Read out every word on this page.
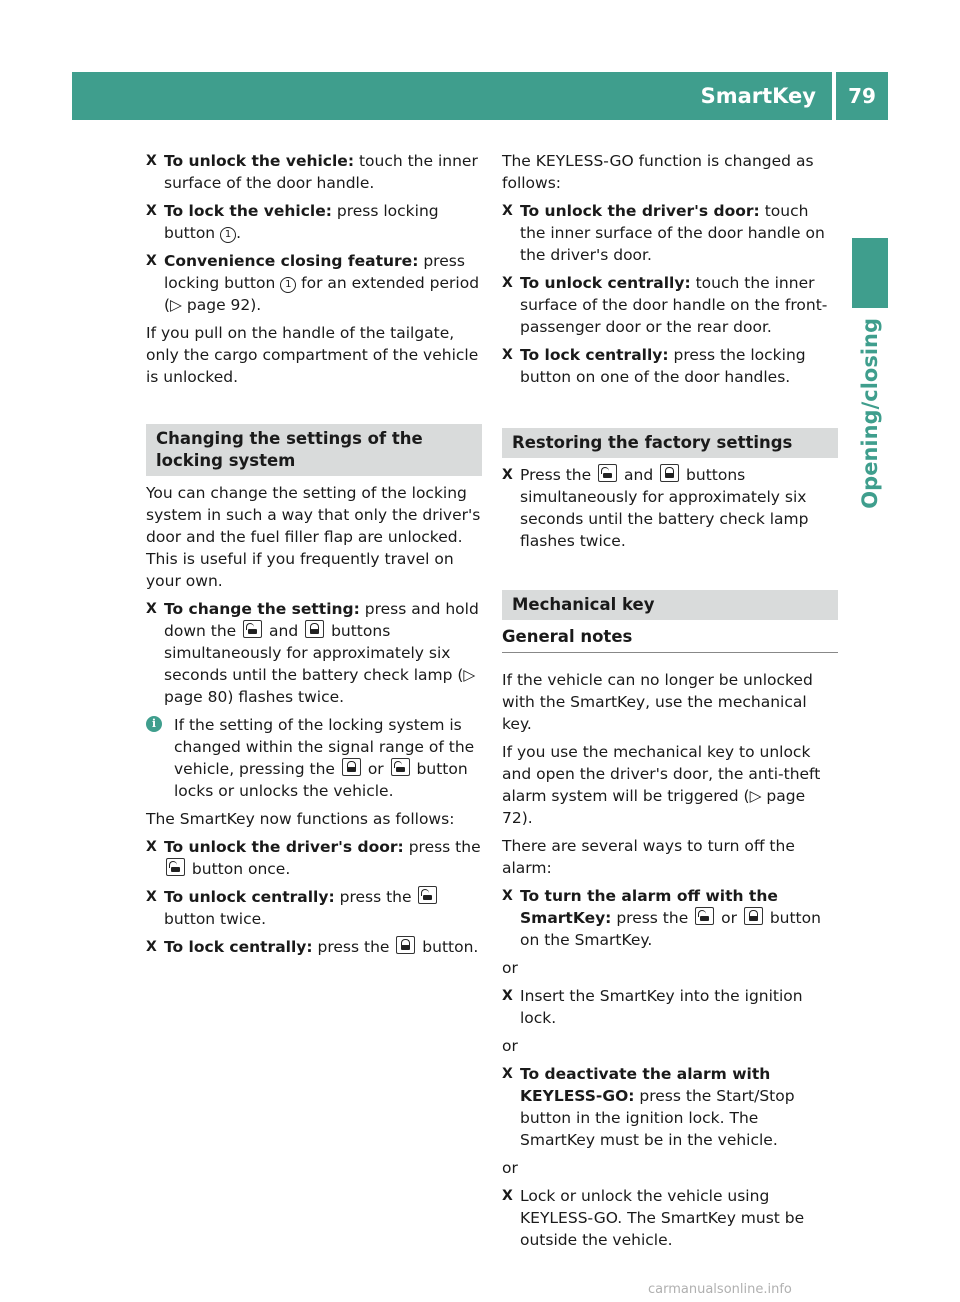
SmartKey	79
Opening/closing
X To unlock the vehicle: touch the inner surface of the door handle.
X To lock the vehicle: press locking button 1 .
X Convenience closing feature: press locking button 1 for an extended period (▷ page 92).

If you pull on the handle of the tailgate, only the cargo compartment of the vehicle is unlocked.

Changing the settings of the locking system

You can change the setting of the locking system in such a way that only the driver's door and the fuel filler flap are unlocked. This is useful if you frequently travel on your own.

X To change the setting: press and hold down the  and  buttons simultaneously for approximately six seconds until the battery check lamp (▷ page 80) flashes twice.
i	If the setting of the locking system is changed within the signal range of the vehicle, pressing the  or  button locks or unlocks the vehicle.

The SmartKey now functions as follows:

X To unlock the driver's door: press the
button once.
X To unlock centrally: press the
button twice.
X To lock centrally: press the  button.

The KEYLESS-GO function is changed as follows:

X To unlock the driver's door: touch the inner surface of the door handle on the driver's door.
X To unlock centrally: touch the inner surface of the door handle on the front-passenger door or the rear door.
X To lock centrally: press the locking button on one of the door handles.
Restoring the factory settings
X Press the  and  buttons simultaneously for approximately six seconds until the battery check lamp flashes twice.
Mechanical key
General notes

If the vehicle can no longer be unlocked with the SmartKey, use the mechanical key.

If you use the mechanical key to unlock and open the driver's door, the anti-theft alarm system will be triggered (▷ page 72).

There are several ways to turn off the alarm:

X To turn the alarm off with the SmartKey: press the  or  button on the SmartKey.

or

X Insert the SmartKey into the ignition lock.

or

X To deactivate the alarm with KEYLESS-GO: press the Start/Stop button in the ignition lock. The SmartKey must be in the vehicle.

or

X Lock or unlock the vehicle using KEYLESS-GO. The SmartKey must be outside the vehicle.
carmanualsonline.info
